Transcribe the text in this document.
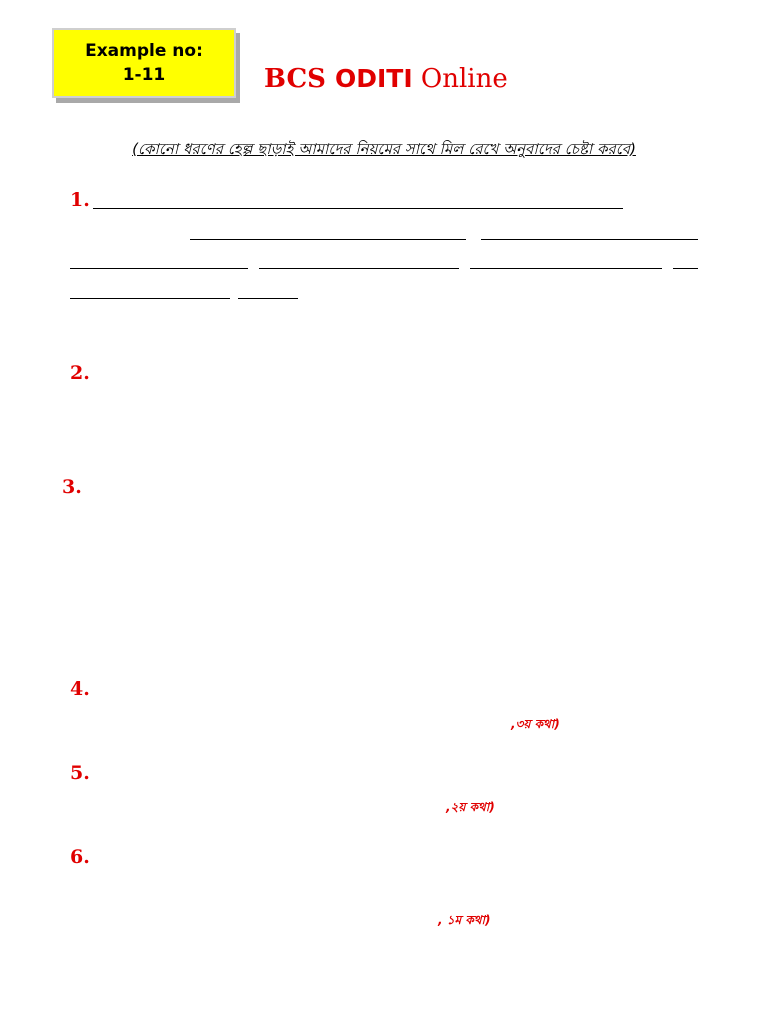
Example no:
1-11	BCS ODITI Online
(কোনো ধরণের হেল্প ছাড়াই আমাদের নিয়মের সাথে মিল রেখে অনুবাদের চেষ্টা করবে)
1.
2.
3.
4.
,৩য় কথা)
5.
,২য় কথা)
6.
, ১ম কথা)
